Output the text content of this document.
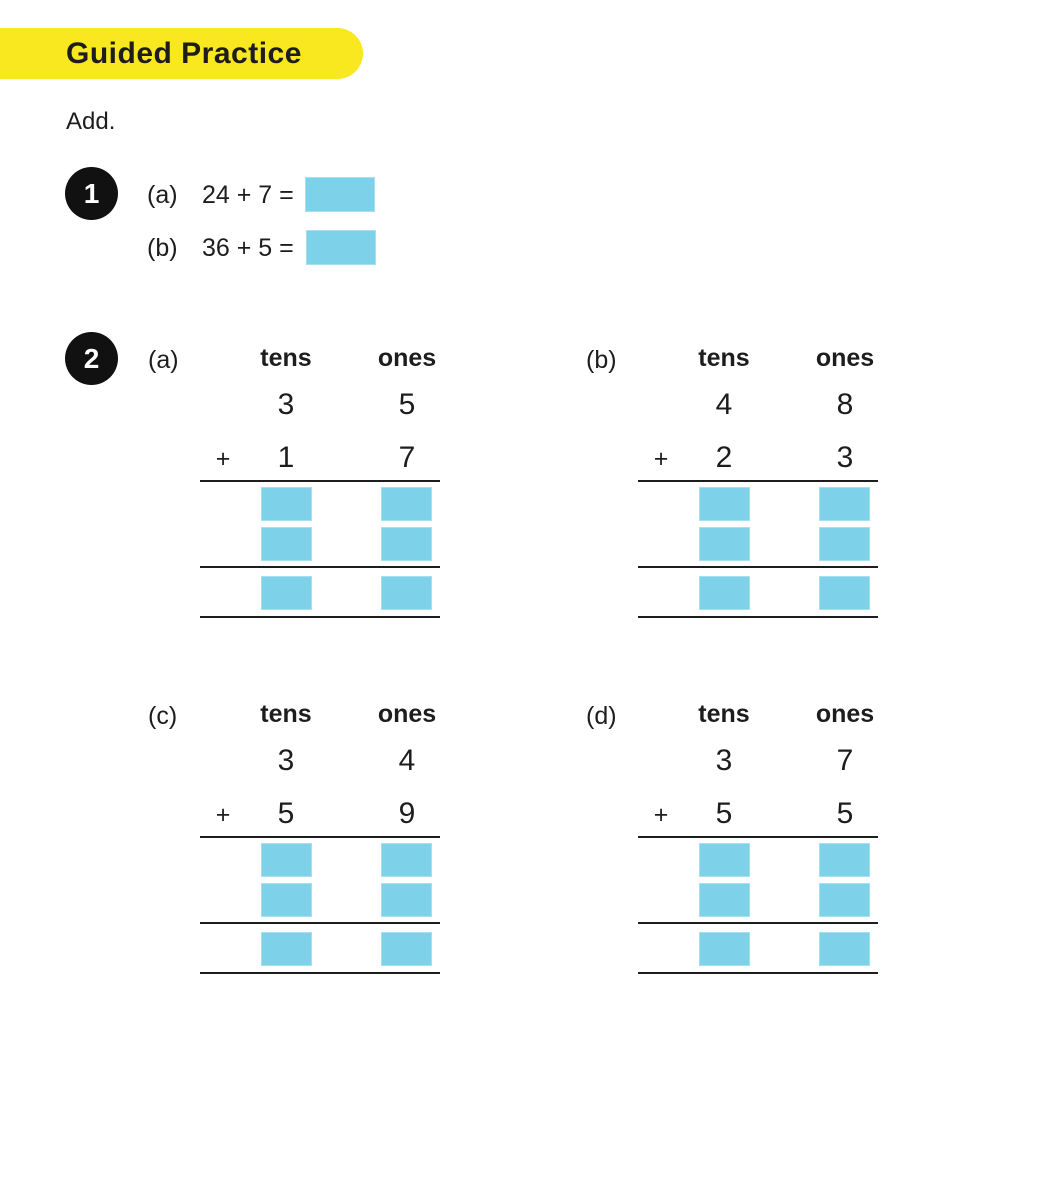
Guided Practice
Add.
1	(a) 24 + 7 =
(b) 36 + 5 =
2	(a)	tens	ones
3	5
+	1	7
(b)	tens	ones
4	8
+	2	3
(c)	tens	ones
3	4
+	5	9
(d)	tens	ones
3	7
+	5	5
